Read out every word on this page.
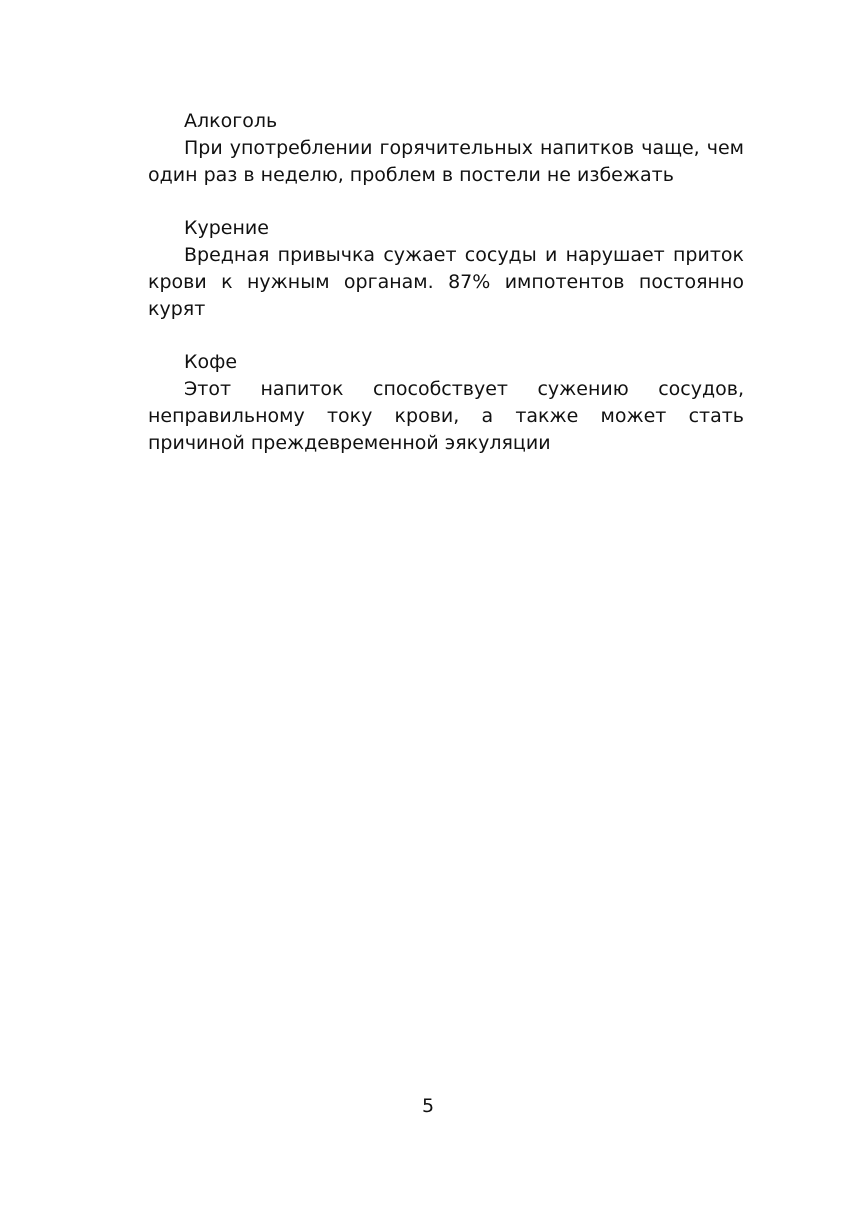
Алкоголь

При употреблении горячительных напитков чаще, чем один раз в неделю, проблем в постели не избежать

Курение

Вредная привычка сужает сосуды и нарушает приток крови к нужным органам. 87% импотентов постоянно курят

Кофе

Этот напиток способствует сужению сосудов, неправильному току крови, а также может стать причиной преждевременной эякуляции

5
